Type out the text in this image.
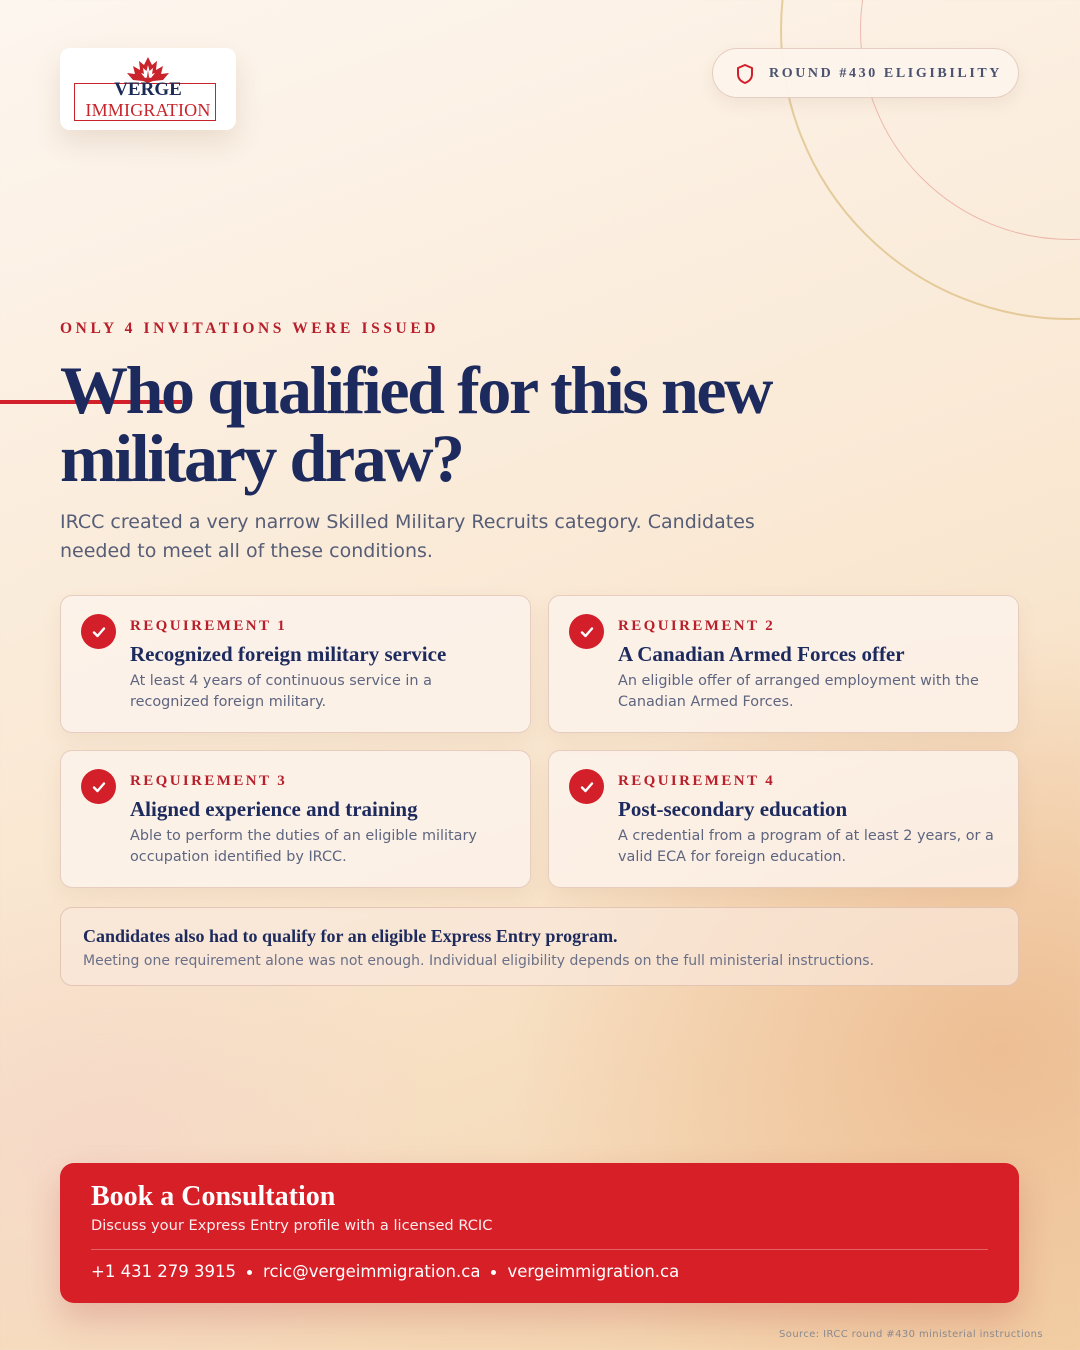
VERGE
IMMIGRATION
ROUND #430 ELIGIBILITY
ONLY 4 INVITATIONS WERE ISSUED
Who qualified for this new military draw?

IRCC created a very narrow Skilled Military Recruits category. Candidates needed to meet all of these conditions.

REQUIREMENT 1
Recognized foreign military service
At least 4 years of continuous service in a recognized foreign military.
REQUIREMENT 2
A Canadian Armed Forces offer
An eligible offer of arranged employment with the Canadian Armed Forces.
REQUIREMENT 3
Aligned experience and training
Able to perform the duties of an eligible military occupation identified by IRCC.
REQUIREMENT 4
Post-secondary education
A credential from a program of at least 2 years, or a valid ECA for foreign education.
Candidates also had to qualify for an eligible Express Entry program.
Meeting one requirement alone was not enough. Individual eligibility depends on the full ministerial instructions.
Book a Consultation
Discuss your Express Entry profile with a licensed RCIC
+1 431 279 3915 rcic@vergeimmigration.ca vergeimmigration.ca
Source: IRCC round #430 ministerial instructions
